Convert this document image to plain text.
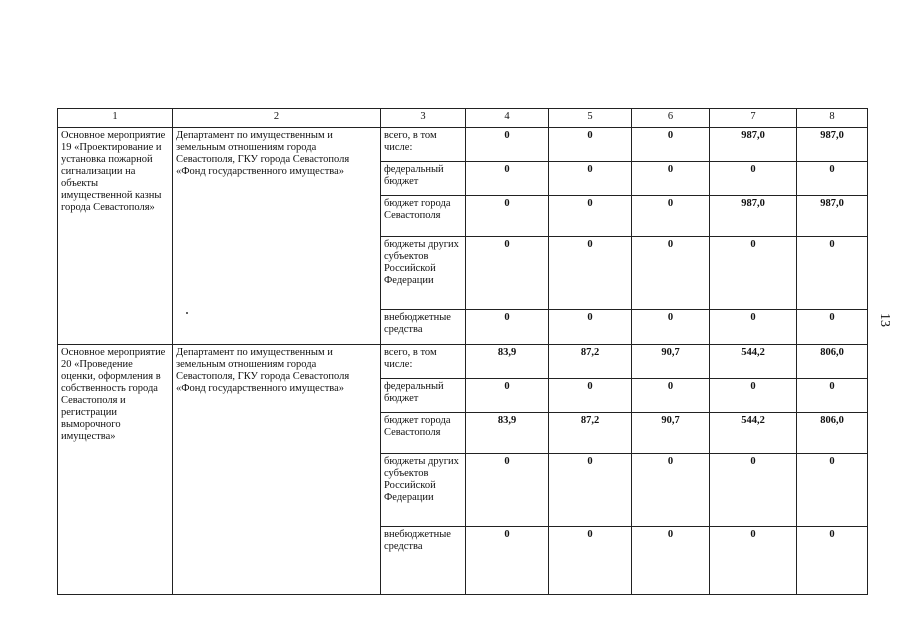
1	2	3	4	5	6	7	8
Основное мероприятие 19 «Проектирование и установка пожарной сигнализации на объекты имущественной казны города Севастополя»	Департамент по имущественным и земельным отношениям города Севастополя, ГКУ города Севастополя «Фонд государственного имущества»	всего, в том числе:	0	0	0	987,0	987,0
		федеральный бюджет	0	0	0	0	0
		бюджет города Севастополя	0	0	0	987,0	987,0
		бюджеты других субъектов Российской Федерации	0	0	0	0	0
		внебюджетные средства	0	0	0	0	0
Основное мероприятие 20 «Проведение оценки, оформления в собственность города Севастополя и регистрации выморочного имущества»	Департамент по имущественным и земельным отношениям города Севастополя, ГКУ города Севастополя «Фонд государственного имущества»	всего, в том числе:	83,9	87,2	90,7	544,2	806,0
		федеральный бюджет	0	0	0	0	0
		бюджет города Севастополя	83,9	87,2	90,7	544,2	806,0
		бюджеты других субъектов Российской Федерации	0	0	0	0	0
		внебюджетные средства	0	0	0	0	0
13
